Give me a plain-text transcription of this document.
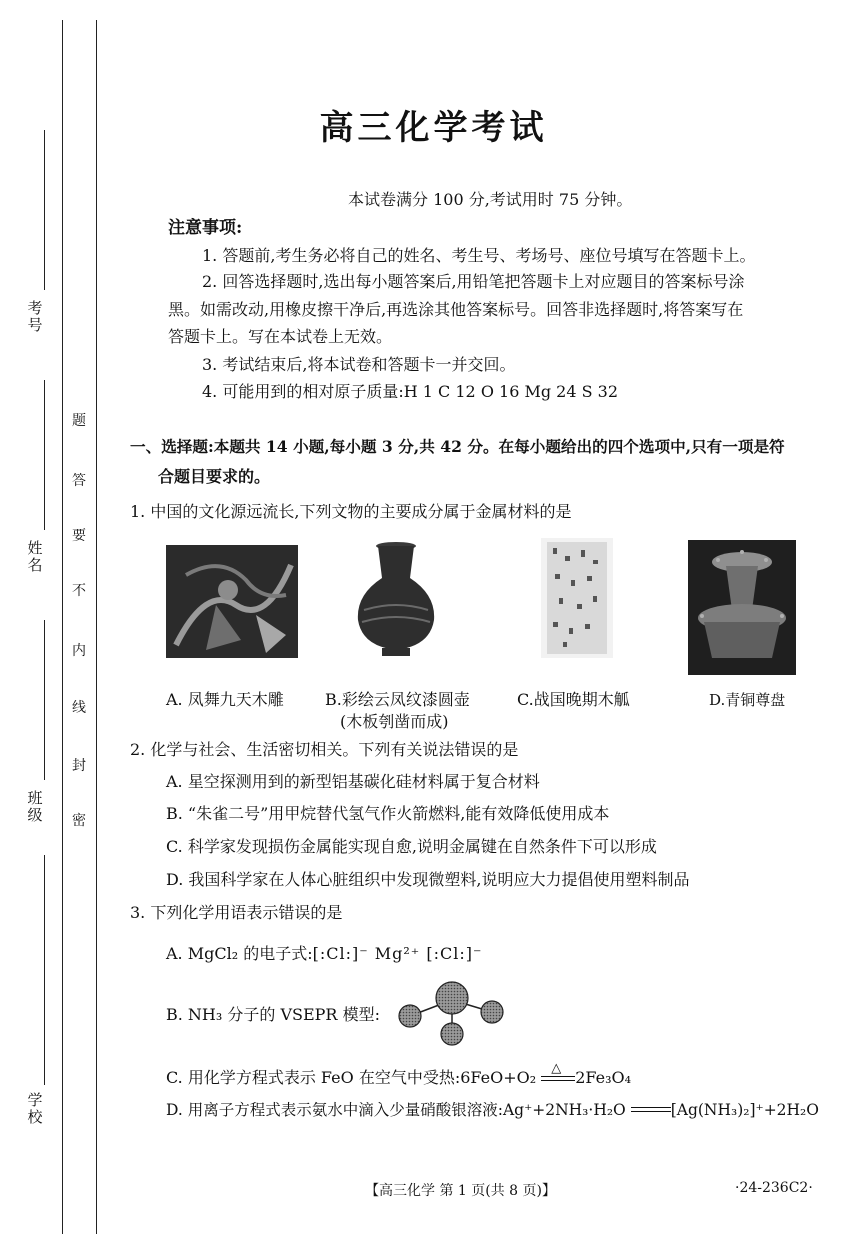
考号
姓名
班级
学校
题
答
要
不
内
线
封
密
高三化学考试
本试卷满分 100 分,考试用时 75 分钟。
注意事项:
1. 答题前,考生务必将自己的姓名、考生号、考场号、座位号填写在答题卡上。
2. 回答选择题时,选出每小题答案后,用铅笔把答题卡上对应题目的答案标号涂
黑。如需改动,用橡皮擦干净后,再选涂其他答案标号。回答非选择题时,将答案写在
答题卡上。写在本试卷上无效。
3. 考试结束后,将本试卷和答题卡一并交回。
4. 可能用到的相对原子质量:H 1 C 12 O 16 Mg 24 S 32
一、选择题:本题共 14 小题,每小题 3 分,共 42 分。在每小题给出的四个选项中,只有一项是符
合题目要求的。
1. 中国的文化源远流长,下列文物的主要成分属于金属材料的是
A. 凤舞九天木雕	B.彩绘云凤纹漆圆壶
(木板刳凿而成)
C.战国晚期木觚	D.青铜尊盘
2. 化学与社会、生活密切相关。下列有关说法错误的是
A. 星空探测用到的新型铝基碳化硅材料属于复合材料
B. “朱雀二号”用甲烷替代氢气作火箭燃料,能有效降低使用成本
C. 科学家发现损伤金属能实现自愈,说明金属键在自然条件下可以形成
D. 我国科学家在人体心脏组织中发现微塑料,说明应大力提倡使用塑料制品
3. 下列化学用语表示错误的是
A. MgCl₂ 的电子式:[:Cl:]⁻ Mg²⁺ [:Cl:]⁻
B. NH₃ 分子的 VSEPR 模型:
C. 用化学方程式表示 FeO 在空气中受热:6FeO+O₂ △ 2Fe₃O₄
D. 用离子方程式表示氨水中滴入少量硝酸银溶液:Ag⁺+2NH₃·H₂O	[Ag(NH₃)₂]⁺+2H₂O
【高三化学 第 1 页(共 8 页)】	·24-236C2·
